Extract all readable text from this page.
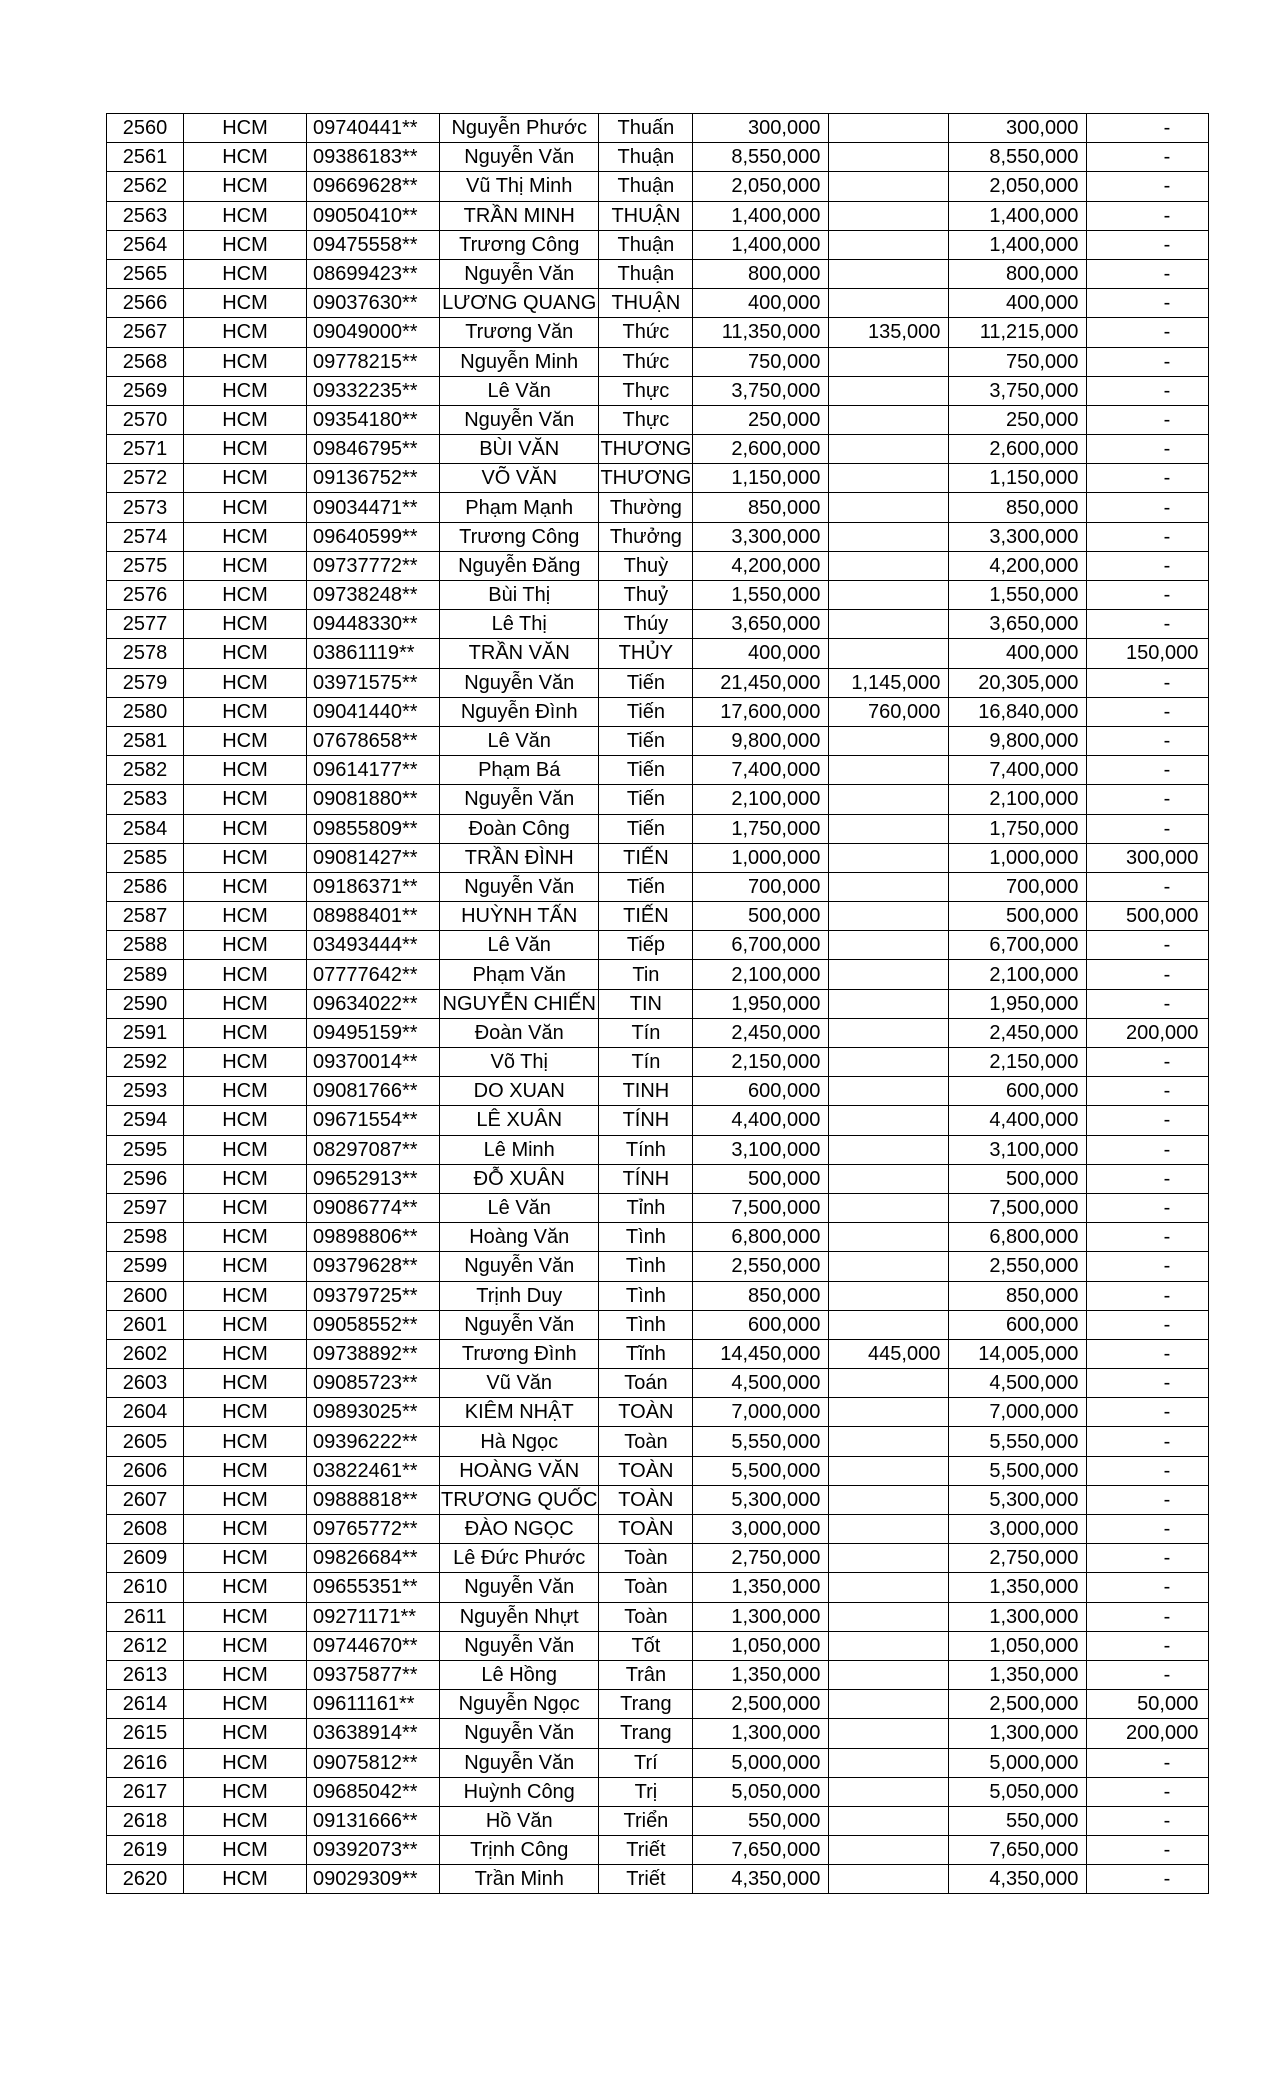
2560	HCM	09740441**	Nguyễn Phước	Thuấn	300,000		300,000	-
2561	HCM	09386183**	Nguyễn Văn	Thuận	8,550,000		8,550,000	-
2562	HCM	09669628**	Vũ Thị Minh	Thuận	2,050,000		2,050,000	-
2563	HCM	09050410**	TRẦN MINH	THUẬN	1,400,000		1,400,000	-
2564	HCM	09475558**	Trương Công	Thuận	1,400,000		1,400,000	-
2565	HCM	08699423**	Nguyễn Văn	Thuận	800,000		800,000	-
2566	HCM	09037630**	LƯƠNG QUANG	THUẬN	400,000		400,000	-
2567	HCM	09049000**	Trương Văn	Thức	11,350,000	135,000	11,215,000	-
2568	HCM	09778215**	Nguyễn Minh	Thức	750,000		750,000	-
2569	HCM	09332235**	Lê Văn	Thực	3,750,000		3,750,000	-
2570	HCM	09354180**	Nguyễn Văn	Thực	250,000		250,000	-
2571	HCM	09846795**	BÙI VĂN	THƯƠNG	2,600,000		2,600,000	-
2572	HCM	09136752**	VÕ VĂN	THƯƠNG	1,150,000		1,150,000	-
2573	HCM	09034471**	Phạm Mạnh	Thường	850,000		850,000	-
2574	HCM	09640599**	Trương Công	Thưởng	3,300,000		3,300,000	-
2575	HCM	09737772**	Nguyễn Đăng	Thuỳ	4,200,000		4,200,000	-
2576	HCM	09738248**	Bùi Thị	Thuỷ	1,550,000		1,550,000	-
2577	HCM	09448330**	Lê Thị	Thúy	3,650,000		3,650,000	-
2578	HCM	03861119**	TRẦN VĂN	THỦY	400,000		400,000	150,000
2579	HCM	03971575**	Nguyễn Văn	Tiến	21,450,000	1,145,000	20,305,000	-
2580	HCM	09041440**	Nguyễn Đình	Tiến	17,600,000	760,000	16,840,000	-
2581	HCM	07678658**	Lê Văn	Tiến	9,800,000		9,800,000	-
2582	HCM	09614177**	Phạm Bá	Tiến	7,400,000		7,400,000	-
2583	HCM	09081880**	Nguyễn Văn	Tiến	2,100,000		2,100,000	-
2584	HCM	09855809**	Đoàn Công	Tiến	1,750,000		1,750,000	-
2585	HCM	09081427**	TRẦN ĐÌNH	TIẾN	1,000,000		1,000,000	300,000
2586	HCM	09186371**	Nguyễn Văn	Tiến	700,000		700,000	-
2587	HCM	08988401**	HUỲNH TẤN	TIẾN	500,000		500,000	500,000
2588	HCM	03493444**	Lê Văn	Tiếp	6,700,000		6,700,000	-
2589	HCM	07777642**	Phạm Văn	Tin	2,100,000		2,100,000	-
2590	HCM	09634022**	NGUYỄN CHIẾN	TIN	1,950,000		1,950,000	-
2591	HCM	09495159**	Đoàn Văn	Tín	2,450,000		2,450,000	200,000
2592	HCM	09370014**	Võ Thị	Tín	2,150,000		2,150,000	-
2593	HCM	09081766**	DO XUAN	TINH	600,000		600,000	-
2594	HCM	09671554**	LÊ XUÂN	TÍNH	4,400,000		4,400,000	-
2595	HCM	08297087**	Lê Minh	Tính	3,100,000		3,100,000	-
2596	HCM	09652913**	ĐỖ XUÂN	TÍNH	500,000		500,000	-
2597	HCM	09086774**	Lê Văn	Tỉnh	7,500,000		7,500,000	-
2598	HCM	09898806**	Hoàng Văn	Tình	6,800,000		6,800,000	-
2599	HCM	09379628**	Nguyễn Văn	Tình	2,550,000		2,550,000	-
2600	HCM	09379725**	Trịnh Duy	Tình	850,000		850,000	-
2601	HCM	09058552**	Nguyễn Văn	Tình	600,000		600,000	-
2602	HCM	09738892**	Trương Đình	Tĩnh	14,450,000	445,000	14,005,000	-
2603	HCM	09085723**	Vũ Văn	Toán	4,500,000		4,500,000	-
2604	HCM	09893025**	KIÊM NHẬT	TOÀN	7,000,000		7,000,000	-
2605	HCM	09396222**	Hà Ngọc	Toàn	5,550,000		5,550,000	-
2606	HCM	03822461**	HOÀNG VĂN	TOÀN	5,500,000		5,500,000	-
2607	HCM	09888818**	TRƯƠNG QUỐC	TOÀN	5,300,000		5,300,000	-
2608	HCM	09765772**	ĐÀO NGỌC	TOÀN	3,000,000		3,000,000	-
2609	HCM	09826684**	Lê Đức Phước	Toàn	2,750,000		2,750,000	-
2610	HCM	09655351**	Nguyễn Văn	Toàn	1,350,000		1,350,000	-
2611	HCM	09271171**	Nguyễn Nhựt	Toàn	1,300,000		1,300,000	-
2612	HCM	09744670**	Nguyễn Văn	Tốt	1,050,000		1,050,000	-
2613	HCM	09375877**	Lê Hồng	Trân	1,350,000		1,350,000	-
2614	HCM	09611161**	Nguyễn Ngọc	Trang	2,500,000		2,500,000	50,000
2615	HCM	03638914**	Nguyễn Văn	Trang	1,300,000		1,300,000	200,000
2616	HCM	09075812**	Nguyễn Văn	Trí	5,000,000		5,000,000	-
2617	HCM	09685042**	Huỳnh Công	Trị	5,050,000		5,050,000	-
2618	HCM	09131666**	Hồ Văn	Triển	550,000		550,000	-
2619	HCM	09392073**	Trịnh Công	Triết	7,650,000		7,650,000	-
2620	HCM	09029309**	Trần Minh	Triết	4,350,000		4,350,000	-
